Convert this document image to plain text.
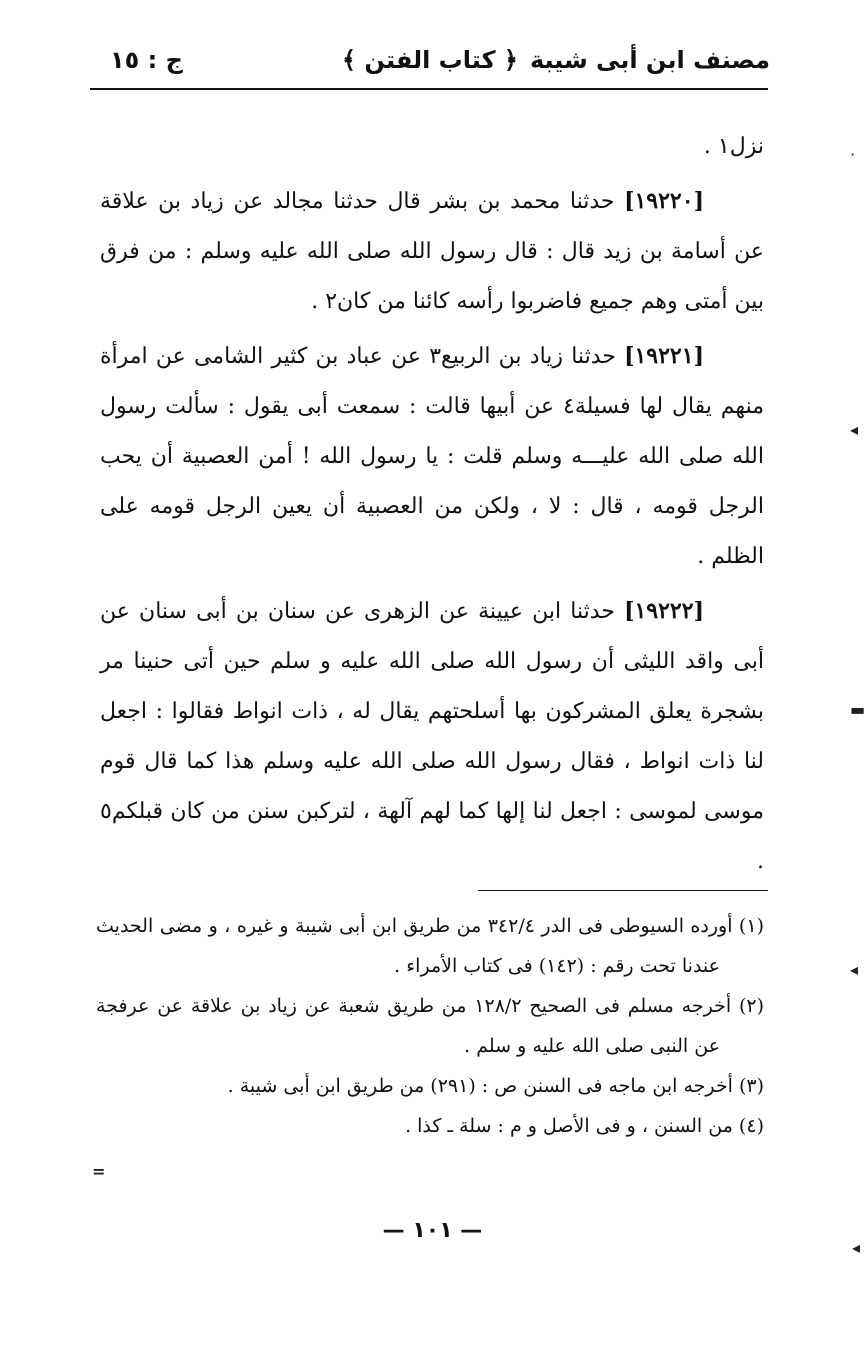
مصنف ابن أبى شيبة
﴿ كتاب الفتن ﴾
ج : ١٥

نزل١ .

[١٩٢٢٠] حدثنا محمد بن بشر قال حدثنا مجالد عن زياد بن علاقة عن أسامة بن زيد قال : قال رسول الله صلى الله عليه وسلم : من فرق بين أمتى وهم جميع فاضربوا رأسه كائنا من كان٢ .

[١٩٢٢١] حدثنا زياد بن الربيع٣ عن عباد بن كثير الشامى عن امرأة منهم يقال لها فسيلة٤ عن أبيها قالت : سمعت أبى يقول : سألت رسول الله صلى الله عليـــه وسلم قلت : يا رسول الله ! أمن العصبية أن يحب الرجل قومه ، قال : لا ، ولكن من العصبية أن يعين الرجل قومه على الظلم .

[١٩٢٢٢] حدثنا ابن عيينة عن الزهرى عن سنان بن أبى سنان عن أبى واقد الليثى أن رسول الله صلى الله عليه و سلم حين أتى حنينا مر بشجرة يعلق المشركون بها أسلحتهم يقال له ، ذات انواط فقالوا : اجعل لنا ذات انواط ، فقال رسول الله صلى الله عليه وسلم هذا كما قال قوم موسى لموسى : اجعل لنا إلها كما لهم آلهة ، لتركبن سنن من كان قبلكم٥ .

(١) أورده السيوطى فى الدر ٣٤٢/٤ من طريق ابن أبى شيبة و غيره ، و مضى الحديث عندنا تحت رقم : (١٤٢) فى كتاب الأمراء .

(٢) أخرجه مسلم فى الصحيح ١٢٨/٢ من طريق شعبة عن زياد بن علاقة عن عرفجة عن النبى صلى الله عليه و سلم .

(٣) أخرجه ابن ماجه فى السنن ص : (٢٩١) من طريق ابن أبى شيبة .

(٤) من السنن ، و فى الأصل و م : سلة ـ كذا .

— ١٠١ —
·
◂
▬
◂
◂
=
